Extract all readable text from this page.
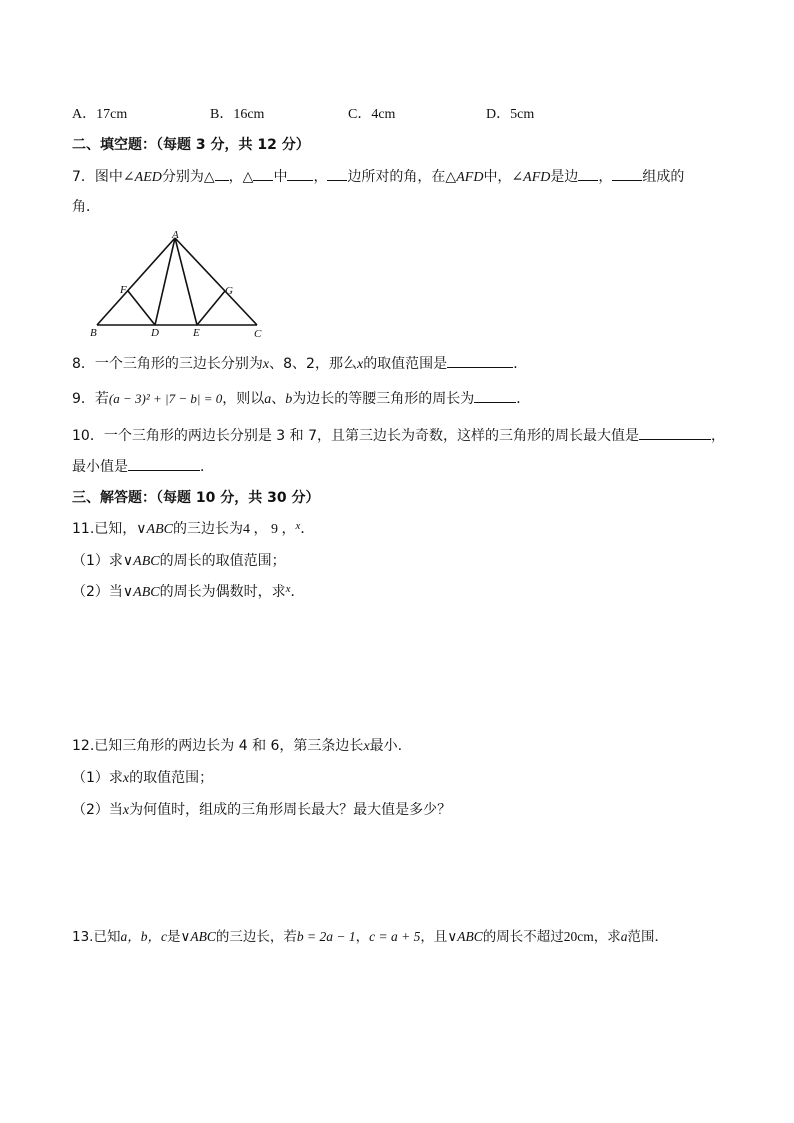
A．17cm	B．16cm	C．4cm	D．5cm
二、填空题：（每题 3 分，共 12 分）
7．图中∠AED分别为△ ，△ 中 ， 边所对的角，在△AFD中，∠AFD是边 ， 组成的
角．
A
B	C
D	E
F	G
8．一个三角形的三边长分别为x、8、2，那么x的取值范围是	．
9．若(a − 3)² + |7 − b| = 0，则以a、b为边长的等腰三角形的周长为	．
10．一个三角形的两边长分别是 3 和 7，且第三边长为奇数，这样的三角形的周长最大值是	，
最小值是	．
三、解答题：（每题 10 分，共 30 分）
11.已知，∨ABC的三边长为4 ， 9 ，$^x$．
（1）求∨ABC的周长的取值范围；
（2）当∨ABC的周长为偶数时，求$^x$．
12.已知三角形的两边长为 4 和 6，第三条边长x最小.
（1）求x的取值范围；
（2）当x为何值时，组成的三角形周长最大？最大值是多少？
13.已知a，b，c是∨ABC的三边长，若b = 2a − 1，c = a + 5，且∨ABC的周长不超过20cm，求a范围．
